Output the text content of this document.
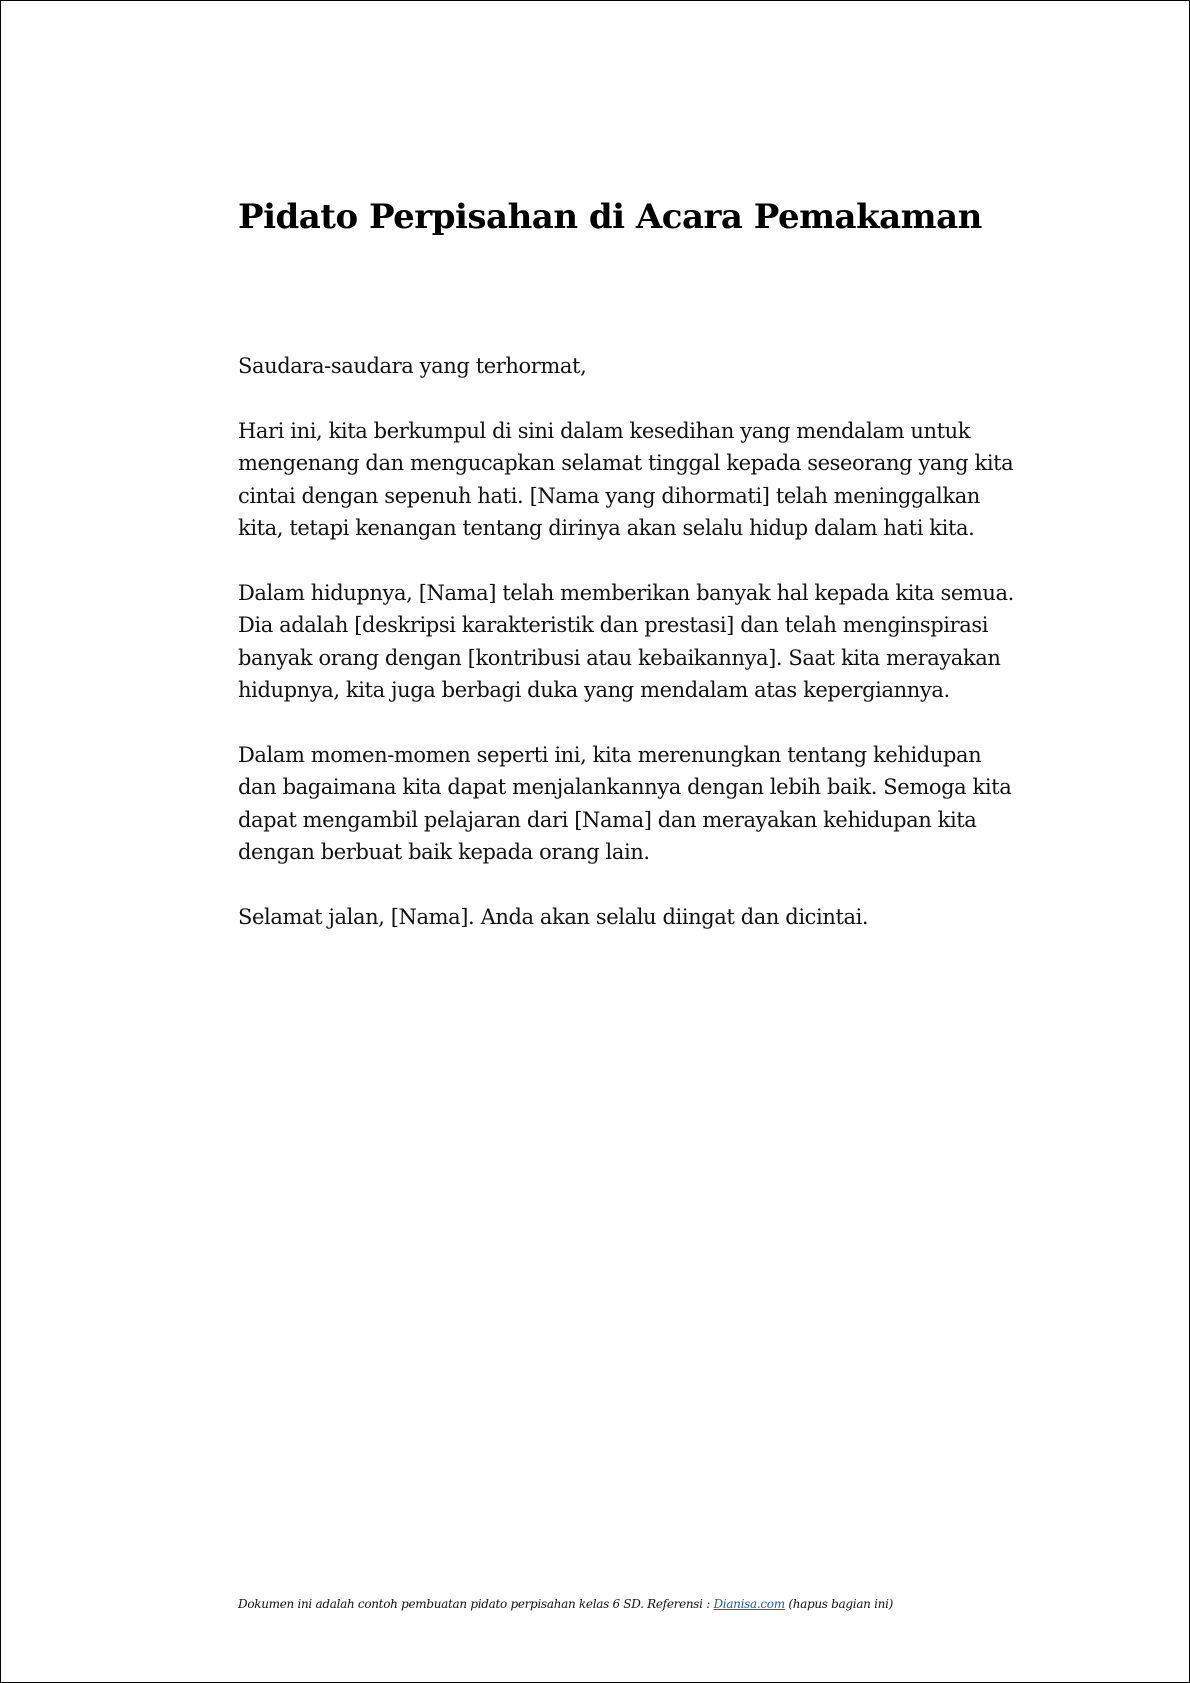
Pidato Perpisahan di Acara Pemakaman

Saudara-saudara yang terhormat,

Hari ini, kita berkumpul di sini dalam kesedihan yang mendalam untuk mengenang dan mengucapkan selamat tinggal kepada seseorang yang kita cintai dengan sepenuh hati. [Nama yang dihormati] telah meninggalkan kita, tetapi kenangan tentang dirinya akan selalu hidup dalam hati kita.

Dalam hidupnya, [Nama] telah memberikan banyak hal kepada kita semua. Dia adalah [deskripsi karakteristik dan prestasi] dan telah menginspirasi banyak orang dengan [kontribusi atau kebaikannya]. Saat kita merayakan hidupnya, kita juga berbagi duka yang mendalam atas kepergiannya.

Dalam momen-momen seperti ini, kita merenungkan tentang kehidupan dan bagaimana kita dapat menjalankannya dengan lebih baik. Semoga kita dapat mengambil pelajaran dari [Nama] dan merayakan kehidupan kita dengan berbuat baik kepada orang lain.

Selamat jalan, [Nama]. Anda akan selalu diingat dan dicintai.

Dokumen ini adalah contoh pembuatan pidato perpisahan kelas 6 SD. Referensi : Dianisa.com (hapus bagian ini)
